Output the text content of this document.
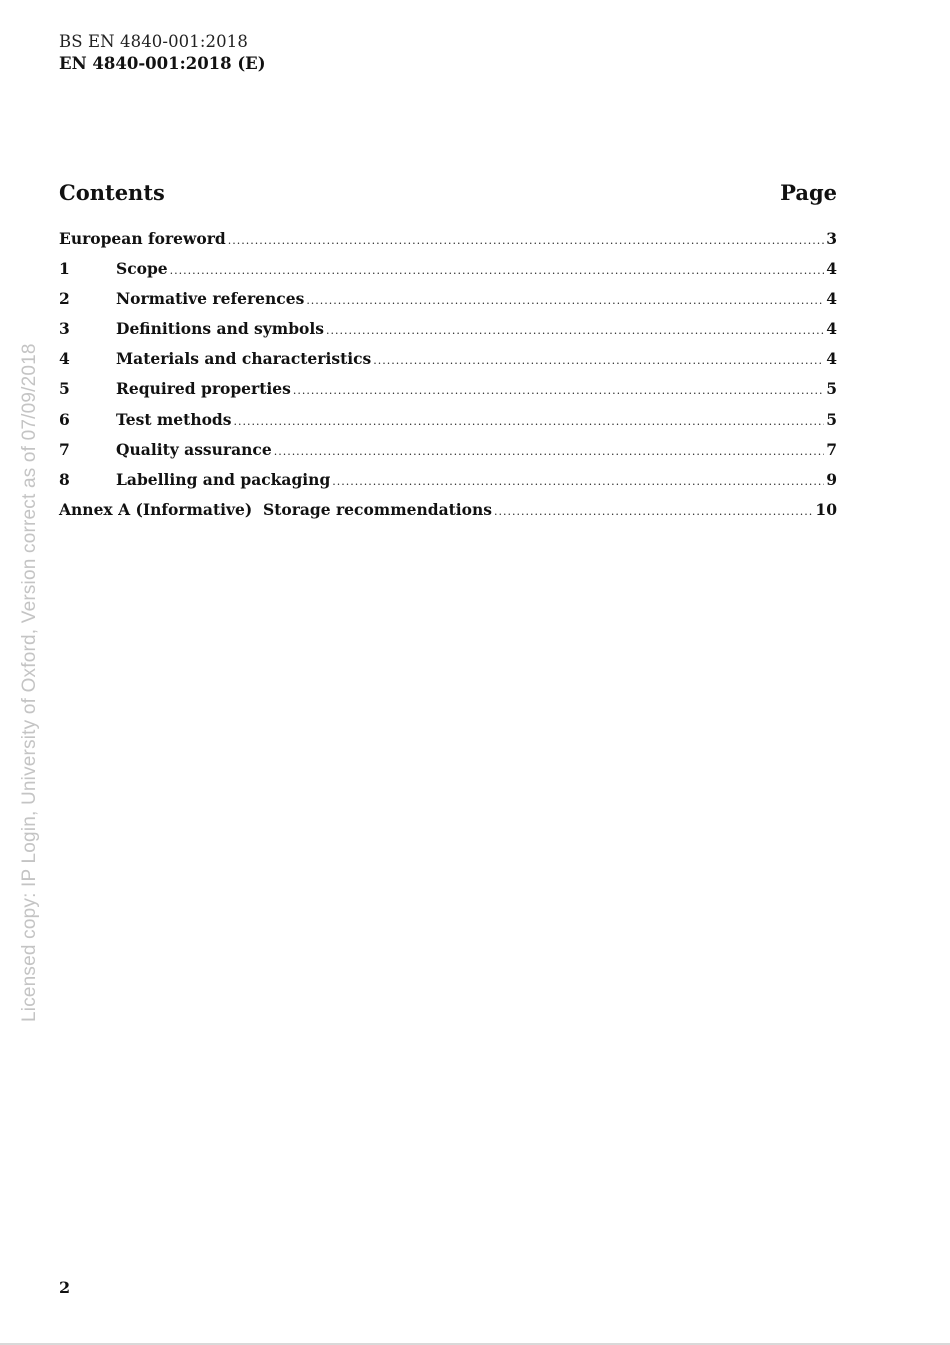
BS EN 4840-001:2018
EN 4840-001:2018 (E)
Contents	Page
European foreword .....	3
1	Scope .....	4
2	Normative references .....	4
3	Definitions and symbols .....	4
4	Materials and characteristics .....	4
5	Required properties .....	5
6	Test methods .....	5
7	Quality assurance .....	7
8	Labelling and packaging .....	9
Annex A (Informative)  Storage recommendations .....	10
Licensed copy: IP Login, University of Oxford, Version correct as of 07/09/2018
2
